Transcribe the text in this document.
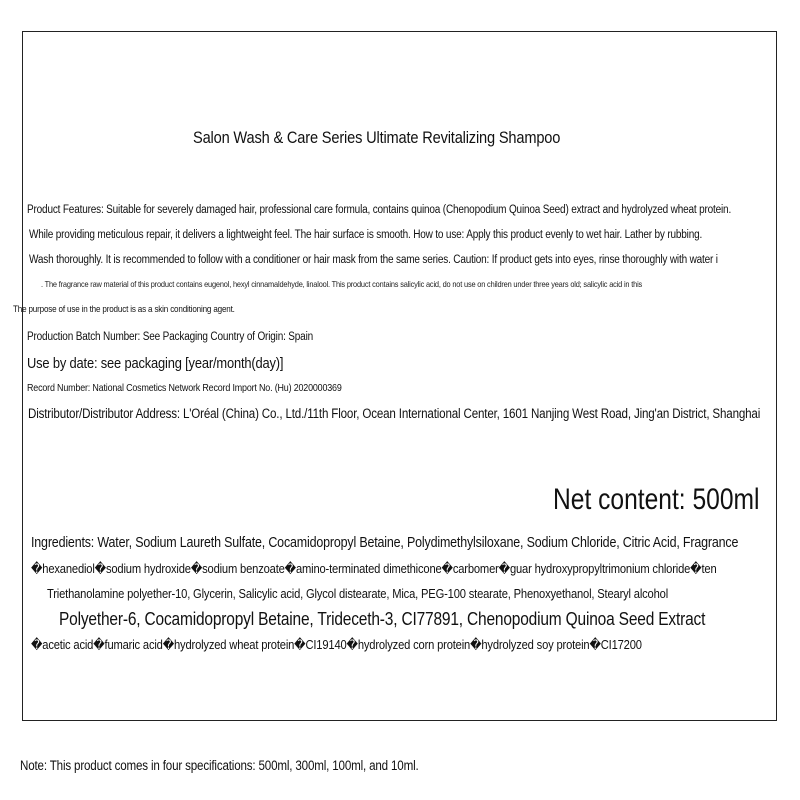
Salon Wash & Care Series Ultimate Revitalizing Shampoo
Product Features: Suitable for severely damaged hair, professional care formula, contains quinoa (Chenopodium Quinoa Seed) extract and hydrolyzed wheat protein.
While providing meticulous repair, it delivers a lightweight feel. The hair surface is smooth. How to use: Apply this product evenly to wet hair. Lather by rubbing.
Wash thoroughly. It is recommended to follow with a conditioner or hair mask from the same series. Caution: If product gets into eyes, rinse thoroughly with water i
. The fragrance raw material of this product contains eugenol, hexyl cinnamaldehyde, linalool. This product contains salicylic acid, do not use on children under three years old; salicylic acid in this
The purpose of use in the product is as a skin conditioning agent.
Production Batch Number: See Packaging Country of Origin: Spain
Use by date: see packaging [year/month(day)]
Record Number: National Cosmetics Network Record Import No. (Hu) 2020000369
Distributor/Distributor Address: L'Oréal (China) Co., Ltd./11th Floor, Ocean International Center, 1601 Nanjing West Road, Jing'an District, Shanghai
Net content: 500ml
Ingredients: Water, Sodium Laureth Sulfate, Cocamidopropyl Betaine, Polydimethylsiloxane, Sodium Chloride, Citric Acid, Fragrance
�hexanediol�sodium hydroxide�sodium benzoate�amino-terminated dimethicone�carbomer�guar hydroxypropyltrimonium chloride�ten
Triethanolamine polyether-10, Glycerin, Salicylic acid, Glycol distearate, Mica, PEG-100 stearate, Phenoxyethanol, Stearyl alcohol
Polyether-6, Cocamidopropyl Betaine, Trideceth-3, CI77891, Chenopodium Quinoa Seed Extract
�acetic acid�fumaric acid�hydrolyzed wheat protein�CI19140�hydrolyzed corn protein�hydrolyzed soy protein�CI17200
Note: This product comes in four specifications: 500ml, 300ml, 100ml, and 10ml.
